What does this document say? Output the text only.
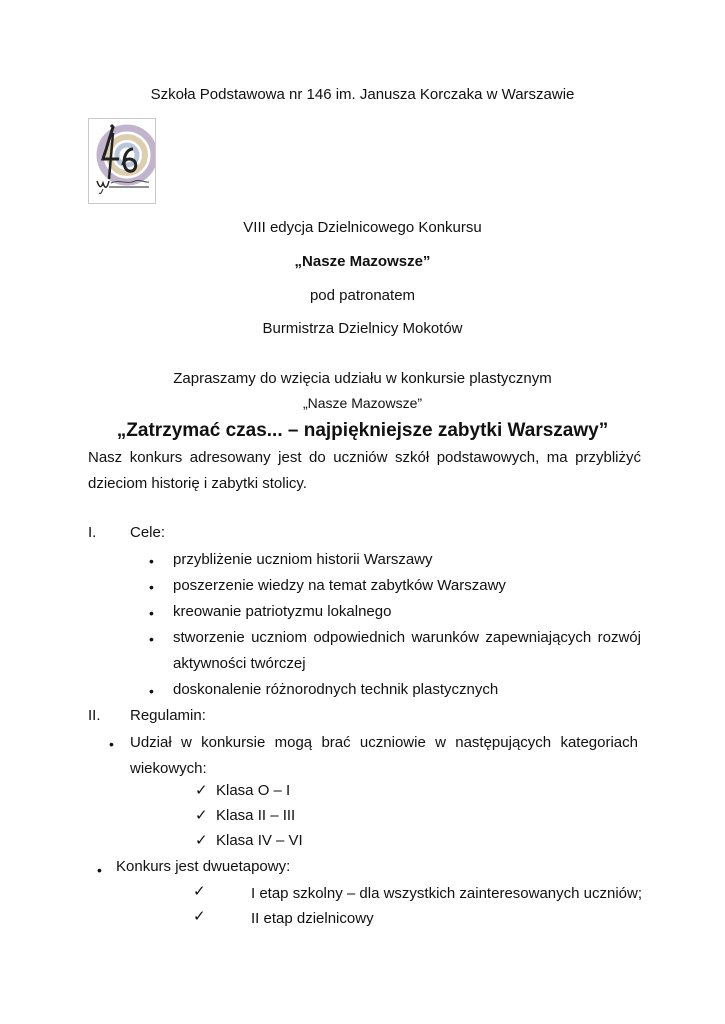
Szkoła Podstawowa nr 146 im. Janusza Korczaka w Warszawie
VIII edycja Dzielnicowego Konkursu
„Nasze Mazowsze”
pod patronatem
Burmistrza Dzielnicy Mokotów
Zapraszamy do wzięcia udziału w konkursie plastycznym
„Nasze Mazowsze”
„Zatrzymać czas... – najpiękniejsze zabytki Warszawy”
Nasz konkurs adresowany jest do uczniów szkół podstawowych, ma przybliżyć dzieciom historię i zabytki stolicy.
I. Cele:
• przybliżenie uczniom historii Warszawy
• poszerzenie wiedzy na temat zabytków Warszawy
• kreowanie patriotyzmu lokalnego
• stworzenie uczniom odpowiednich warunków zapewniających rozwój aktywności twórczej
• doskonalenie różnorodnych technik plastycznych
II. Regulamin:
• Udział w konkursie mogą brać uczniowie w następujących kategoriach wiekowych:
✓ Klasa O – I
✓ Klasa II – III
✓ Klasa IV – VI
• Konkurs jest dwuetapowy:
✓	I etap szkolny – dla wszystkich zainteresowanych uczniów;
✓	II etap dzielnicowy
